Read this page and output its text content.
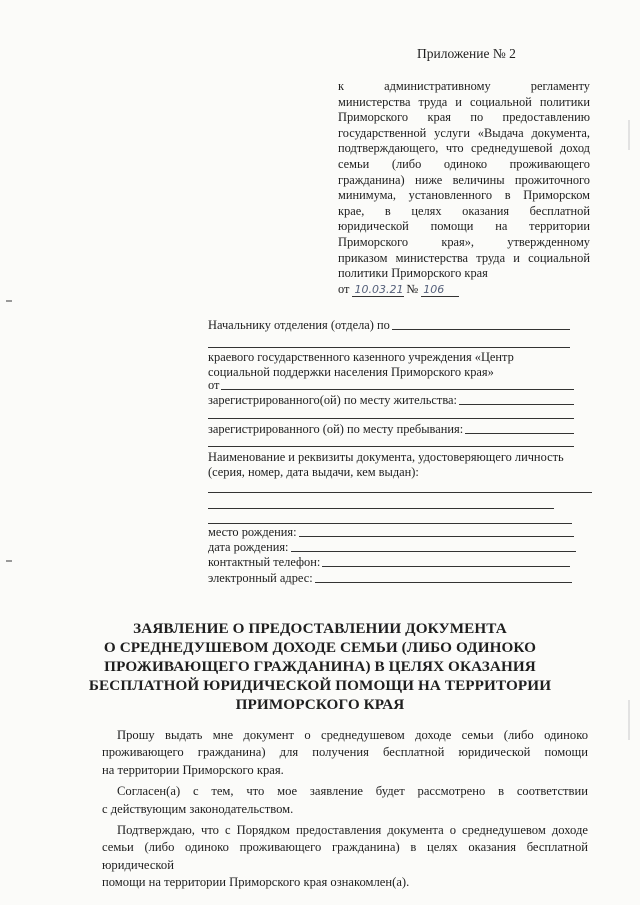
Приложение № 2
к административному регламенту
министерства труда и социальной политики
Приморского края по предоставлению
государственной услуги «Выдача документа,
подтверждающего, что среднедушевой доход
семьи (либо одиноко проживающего
гражданина) ниже величины прожиточного
минимума, установленного в Приморском
крае, в целях оказания бесплатной
юридической помощи на территории
Приморского края», утвержденному
приказом министерства труда и социальной
политики Приморского края
от 10.03.21 № 106
Начальнику отделения (отдела) по
краевого государственного казенного учреждения «Центр
социальной поддержки населения Приморского края»
от
зарегистрированного(ой) по месту жительства:
зарегистрированного (ой) по месту пребывания:
Наименование и реквизиты документа, удостоверяющего личность
(серия, номер, дата выдачи, кем выдан):
место рождения:
дата рождения:
контактный телефон:
электронный адрес:
ЗАЯВЛЕНИЕ О ПРЕДОСТАВЛЕНИИ ДОКУМЕНТА
О СРЕДНЕДУШЕВОМ ДОХОДЕ СЕМЬИ (ЛИБО ОДИНОКО
ПРОЖИВАЮЩЕГО ГРАЖДАНИНА) В ЦЕЛЯХ ОКАЗАНИЯ
БЕСПЛАТНОЙ ЮРИДИЧЕСКОЙ ПОМОЩИ НА ТЕРРИТОРИИ
ПРИМОРСКОГО КРАЯ
Прошу выдать мне документ о среднедушевом доходе семьи (либо одиноко
проживающего гражданина) для получения бесплатной юридической помощи
на территории Приморского края.
Согласен(а) с тем, что мое заявление будет рассмотрено в соответствии
с действующим законодательством.
Подтверждаю, что с Порядком предоставления документа о среднедушевом доходе
семьи (либо одиноко проживающего гражданина) в целях оказания бесплатной юридической
помощи на территории Приморского края ознакомлен(а).
